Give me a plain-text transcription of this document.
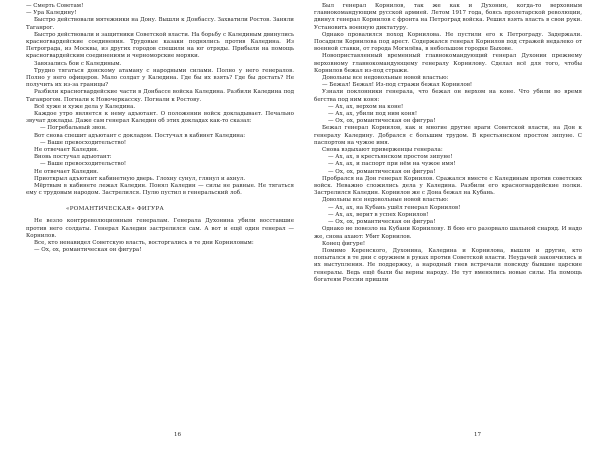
— Смерть Советам!

— Ура Каледину!

Быстро действовали мятежники на Дону. Вышли к Донбассу. Захватили Ростов. Заняли Таганрог.

Быстро действовали и защитники Советской власти. На борьбу с Калединым двинулись красногвардейские соединения. Трудовые казаки поднялись против Каледина. Из Петрограда, из Москвы, из других городов спешили на юг отряды. Прибыли на помощь красногвардейским соединениям и черноморские моряки.

Завязались бои с Калединым.

Трудно тягаться донскому атаману с народными силами. Полно у него генералов. Полно у него офицеров. Мало солдат у Каледина. Где бы их взять? Где бы достать? Не получить их из-за границы?

Разбили красногвардейские части в Донбассе войска Каледина. Разбили Каледина под Таганрогом. Погнали к Новочеркасску. Погнали к Ростову.

Всё хуже и хуже дела у Каледина.

Каждое утро является к нему адъютант. О положении войск докладывает. Печально звучат доклады. Даже сам генерал Каледин об этих докладах как-то сказал:

— Погребальный звон.

Вот снова спешит адъютант с докладом. Постучал в кабинет Каледина:

— Ваше превосходительство!

Не отвечает Каледин.

Вновь постучал адъютант:

— Ваше превосходительство!

Не отвечает Каледин.

Приоткрыл адъютант кабинетную дверь. Глохну сунул, глянул и ахнул.

Мёртвым в кабинете лежал Каледин. Понял Каледин — силы не равные. Не тягаться ему с трудовым народом. Застрелился. Пулю пустил в генеральский лоб.

«РОМАНТИЧЕСКАЯ» ФИГУРА

Не везло контрреволюционным генералам. Генерала Духонина убили восставшие против него солдаты. Генерал Каледин застрелился сам. А вот и ещё один генерал — Корнилов.

Все, кто ненавидел Советскую власть, восторгались в те дни Корниловым:

— Ох, ох, романтическая он фигура!

Был генерал Корнилов, так же как и Духонин, когда-то верховным главнокомандующим русской армией. Летом 1917 года, боясь пролетарской революции, двинул генерал Корнилов с фронта на Петроград войска. Решил взять власть в свои руки. Установить военную диктатуру.

Однако провалился поход Корнилова. Не пустили его к Петрограду. Задержали. Посадили Корнилова под арест. Содержался генерал Корнилов под стражей недалеко от военной ставки, от города Могилёва, в небольшом городке Быхове.

Новоприставленный временный главнокомандующий генерал Духонин прежнему верховному главнокомандующему генералу Корнилову. Сделал всё для того, чтобы Корнилов бежал из-под стражи.

Довольны все недовольные новой властью:

— Бежал! Бежал! Из-под стражи бежал Корнилов!

Узнали поклонники генерала, что бежал он верхом на коне. Что убили во время бегства под ним коня:

— Ах, ах, верхом на коне!

— Ах, ах, убили под ним коня!

— Ох, ох, романтическая он фигура!

Бежал генерал Корнилов, как и многие другие враги Советской власти, на Дон к генералу Каледину. Добрался с большим трудом. В крестьянском простом зипуне. С паспортом на чужое имя.

Снова вздыхают приверженцы генерала:

— Ах, ах, в крестьянском простом зипуне!

— Ах, ах, и паспорт при нём на чужое имя!

— Ох, ох, романтическая он фигура!

Пробрался на Дон генерал Корнилов. Сражался вместе с Калединым против советских войск. Неважно сложились дела у Каледина. Разбили его красногвардейские полки. Застрелился Каледин. Корнилов же с Дона бежал на Кубань.

Довольны все недовольные новой властью:

— Ах, ах, на Кубань ушёл генерал Корнилов!

— Ах, ах, верит в успех Корнилов!

— Ох, ох, романтическая он фигура!

Однако не повезло на Кубани Корнилову. В бою его разорвало шальной снаряд. И надо же, снова ахают: Убит Корнилов.

Конец фигуре!

Помимо Керенского, Духонина, Каледина и Корнилова, вышли и другие, кто попытался в те дни с оружием в руках против Советской власти. Неудачей закончились и их выступления. Не поддержку, а народный гнев встречали повсюду бывшие царские генералы. Ведь ещё были бы верны народу. Не тут вменялись новые силы. На помощь богатеям России пришли

16	17
